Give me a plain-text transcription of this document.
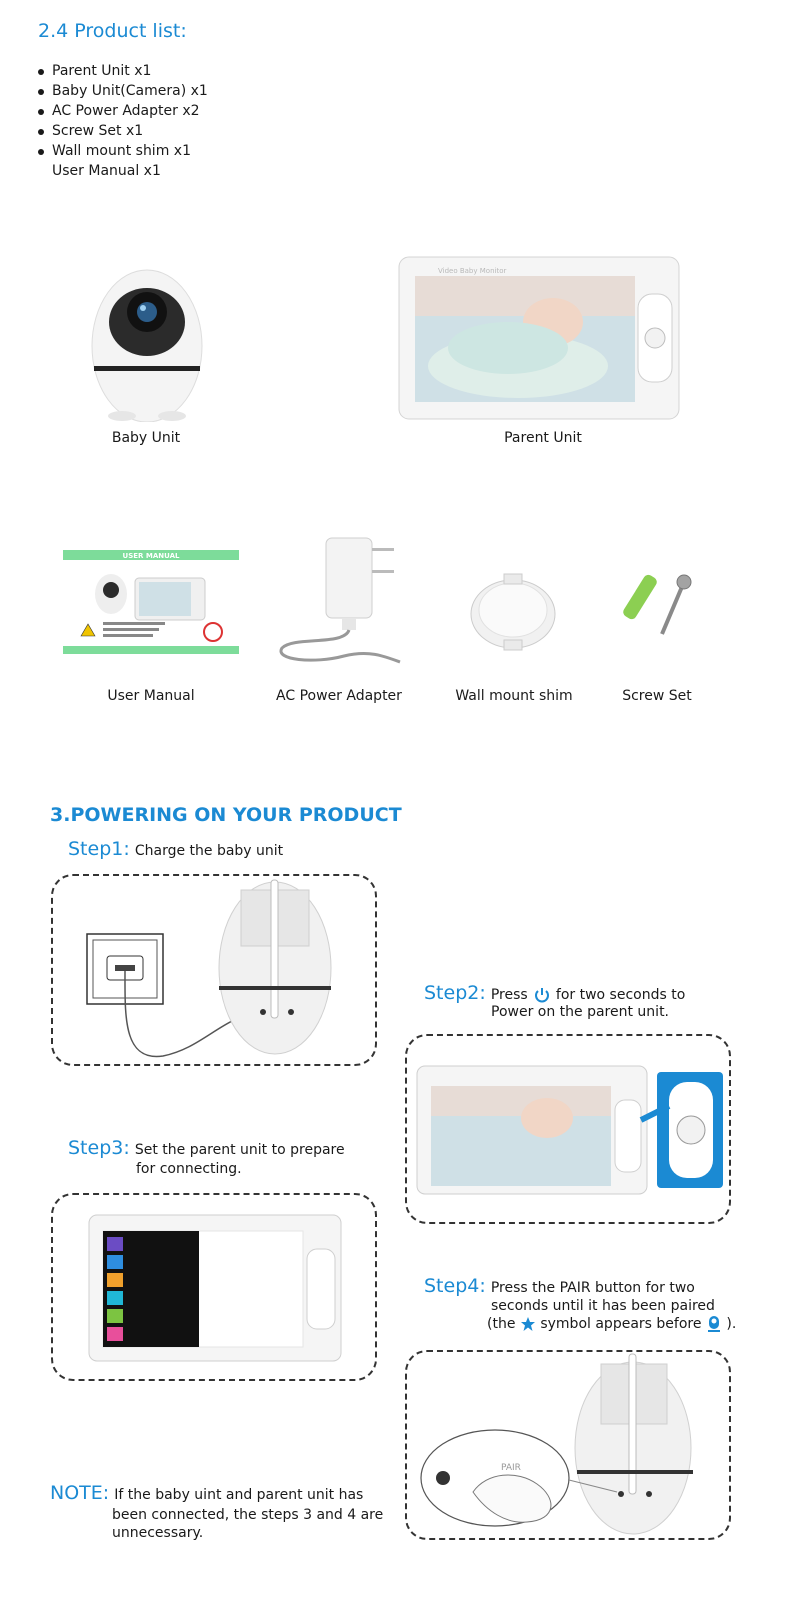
2.4 Product list:
Parent Unit x1
Baby Unit(Camera) x1
AC Power Adapter x2
Screw Set x1
Wall mount shim x1
User Manual x1
Baby Unit
Video Baby Monitor
Parent Unit
USER MANUAL
User Manual	AC Power Adapter	Wall mount shim	Screw Set
3.POWERING ON YOUR PRODUCT
Step1: Charge the baby unit
Step2: Press for two seconds to
Power on the parent unit.
Step3: Set the parent unit to prepare
for connecting.
Step4: Press the PAIR button for two
seconds until it has been paired
(the symbol appears before ).
PAIR
NOTE: If the baby uint and parent unit has
been connected, the steps 3 and 4 are
unnecessary.
